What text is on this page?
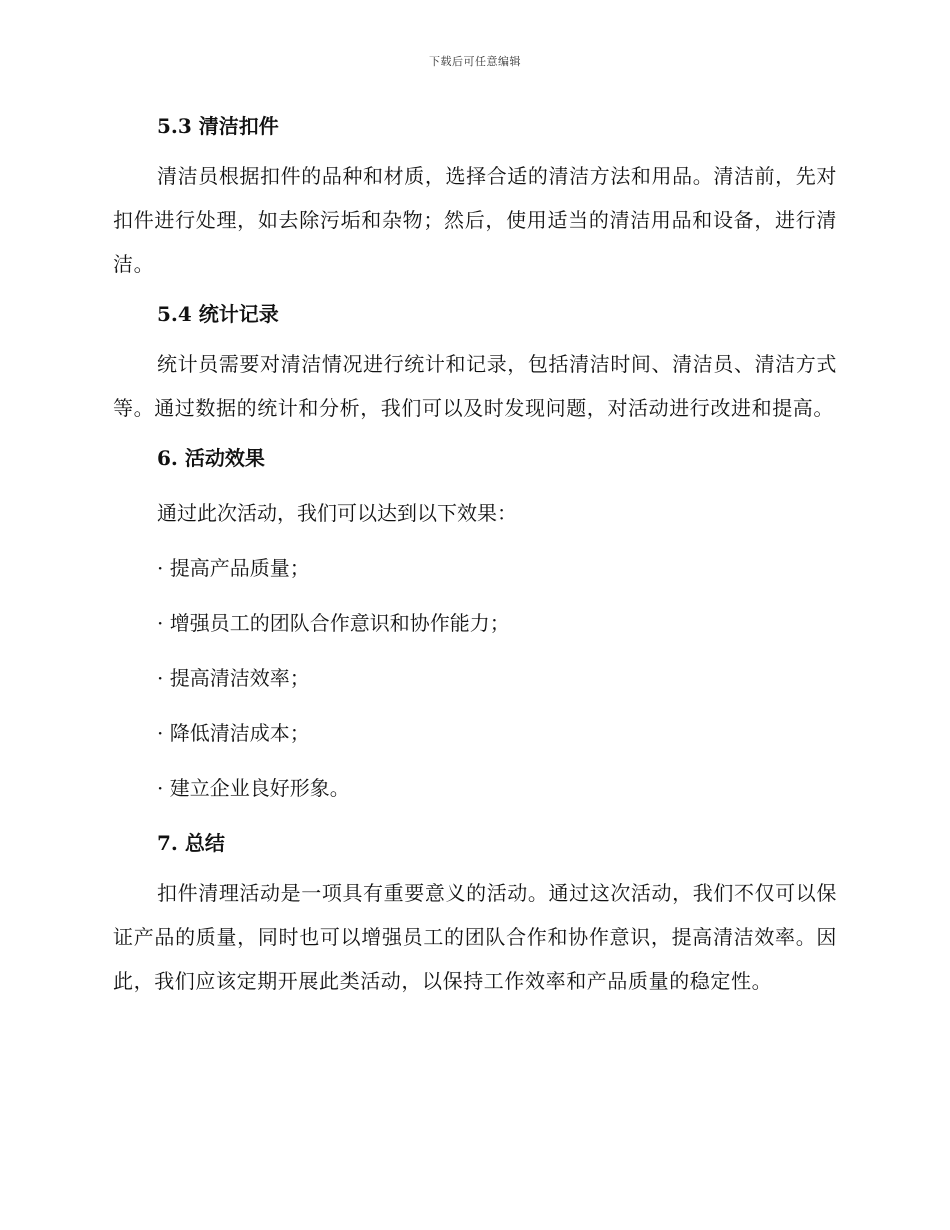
下载后可任意编辑
5.3 清洁扣件

清洁员根据扣件的品种和材质，选择合适的清洁方法和用品。清洁前，先对扣件进行处理，如去除污垢和杂物；然后，使用适当的清洁用品和设备，进行清洁。

5.4 统计记录

统计员需要对清洁情况进行统计和记录，包括清洁时间、清洁员、清洁方式等。通过数据的统计和分析，我们可以及时发现问题，对活动进行改进和提高。

6. 活动效果

通过此次活动，我们可以达到以下效果：

· 提高产品质量；

· 增强员工的团队合作意识和协作能力；

· 提高清洁效率；

· 降低清洁成本；

· 建立企业良好形象。

7. 总结

扣件清理活动是一项具有重要意义的活动。通过这次活动，我们不仅可以保证产品的质量，同时也可以增强员工的团队合作和协作意识，提高清洁效率。因此，我们应该定期开展此类活动，以保持工作效率和产品质量的稳定性。
